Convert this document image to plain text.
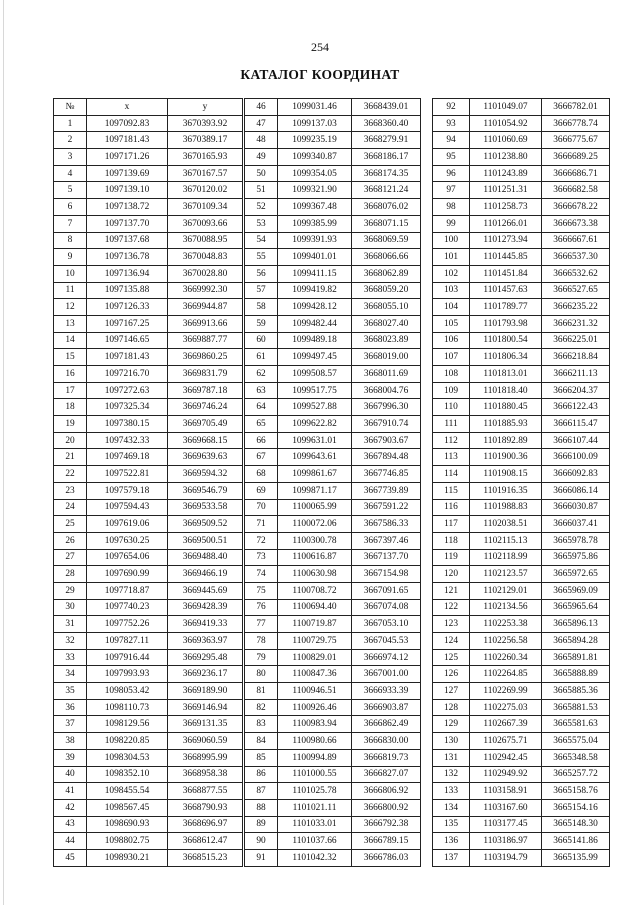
254
КАТАЛОГ КООРДИНАТ
№	x	y
1	1097092.83	3670393.92
2	1097181.43	3670389.17
3	1097171.26	3670165.93
4	1097139.69	3670167.57
5	1097139.10	3670120.02
6	1097138.72	3670109.34
7	1097137.70	3670093.66
8	1097137.68	3670088.95
9	1097136.78	3670048.83
10	1097136.94	3670028.80
11	1097135.88	3669992.30
12	1097126.33	3669944.87
13	1097167.25	3669913.66
14	1097146.65	3669887.77
15	1097181.43	3669860.25
16	1097216.70	3669831.79
17	1097272.63	3669787.18
18	1097325.34	3669746.24
19	1097380.15	3669705.49
20	1097432.33	3669668.15
21	1097469.18	3669639.63
22	1097522.81	3669594.32
23	1097579.18	3669546.79
24	1097594.43	3669533.58
25	1097619.06	3669509.52
26	1097630.25	3669500.51
27	1097654.06	3669488.40
28	1097690.99	3669466.19
29	1097718.87	3669445.69
30	1097740.23	3669428.39
31	1097752.26	3669419.33
32	1097827.11	3669363.97
33	1097916.44	3669295.48
34	1097993.93	3669236.17
35	1098053.42	3669189.90
36	1098110.73	3669146.94
37	1098129.56	3669131.35
38	1098220.85	3669060.59
39	1098304.53	3668995.99
40	1098352.10	3668958.38
41	1098455.54	3668877.55
42	1098567.45	3668790.93
43	1098690.93	3668696.97
44	1098802.75	3668612.47
45	1098930.21	3668515.23
46	1099031.46	3668439.01
47	1099137.03	3668360.40
48	1099235.19	3668279.91
49	1099340.87	3668186.17
50	1099354.05	3668174.35
51	1099321.90	3668121.24
52	1099367.48	3668076.02
53	1099385.99	3668071.15
54	1099391.93	3668069.59
55	1099401.01	3668066.66
56	1099411.15	3668062.89
57	1099419.82	3668059.20
58	1099428.12	3668055.10
59	1099482.44	3668027.40
60	1099489.18	3668023.89
61	1099497.45	3668019.00
62	1099508.57	3668011.69
63	1099517.75	3668004.76
64	1099527.88	3667996.30
65	1099622.82	3667910.74
66	1099631.01	3667903.67
67	1099643.61	3667894.48
68	1099861.67	3667746.85
69	1099871.17	3667739.89
70	1100065.99	3667591.22
71	1100072.06	3667586.33
72	1100300.78	3667397.46
73	1100616.87	3667137.70
74	1100630.98	3667154.98
75	1100708.72	3667091.65
76	1100694.40	3667074.08
77	1100719.87	3667053.10
78	1100729.75	3667045.53
79	1100829.01	3666974.12
80	1100847.36	3667001.00
81	1100946.51	3666933.39
82	1100926.46	3666903.87
83	1100983.94	3666862.49
84	1100980.66	3666830.00
85	1100994.89	3666819.73
86	1101000.55	3666827.07
87	1101025.78	3666806.92
88	1101021.11	3666800.92
89	1101033.01	3666792.38
90	1101037.66	3666789.15
91	1101042.32	3666786.03
92	1101049.07	3666782.01
93	1101054.92	3666778.74
94	1101060.69	3666775.67
95	1101238.80	3666689.25
96	1101243.89	3666686.71
97	1101251.31	3666682.58
98	1101258.73	3666678.22
99	1101266.01	3666673.38
100	1101273.94	3666667.61
101	1101445.85	3666537.30
102	1101451.84	3666532.62
103	1101457.63	3666527.65
104	1101789.77	3666235.22
105	1101793.98	3666231.32
106	1101800.54	3666225.01
107	1101806.34	3666218.84
108	1101813.01	3666211.13
109	1101818.40	3666204.37
110	1101880.45	3666122.43
111	1101885.93	3666115.47
112	1101892.89	3666107.44
113	1101900.36	3666100.09
114	1101908.15	3666092.83
115	1101916.35	3666086.14
116	1101988.83	3666030.87
117	1102038.51	3666037.41
118	1102115.13	3665978.78
119	1102118.99	3665975.86
120	1102123.57	3665972.65
121	1102129.01	3665969.09
122	1102134.56	3665965.64
123	1102253.38	3665896.13
124	1102256.58	3665894.28
125	1102260.34	3665891.81
126	1102264.85	3665888.89
127	1102269.99	3665885.36
128	1102275.03	3665881.53
129	1102667.39	3665581.63
130	1102675.71	3665575.04
131	1102942.45	3665348.58
132	1102949.92	3665257.72
133	1103158.91	3665158.76
134	1103167.60	3665154.16
135	1103177.45	3665148.30
136	1103186.97	3665141.86
137	1103194.79	3665135.99
